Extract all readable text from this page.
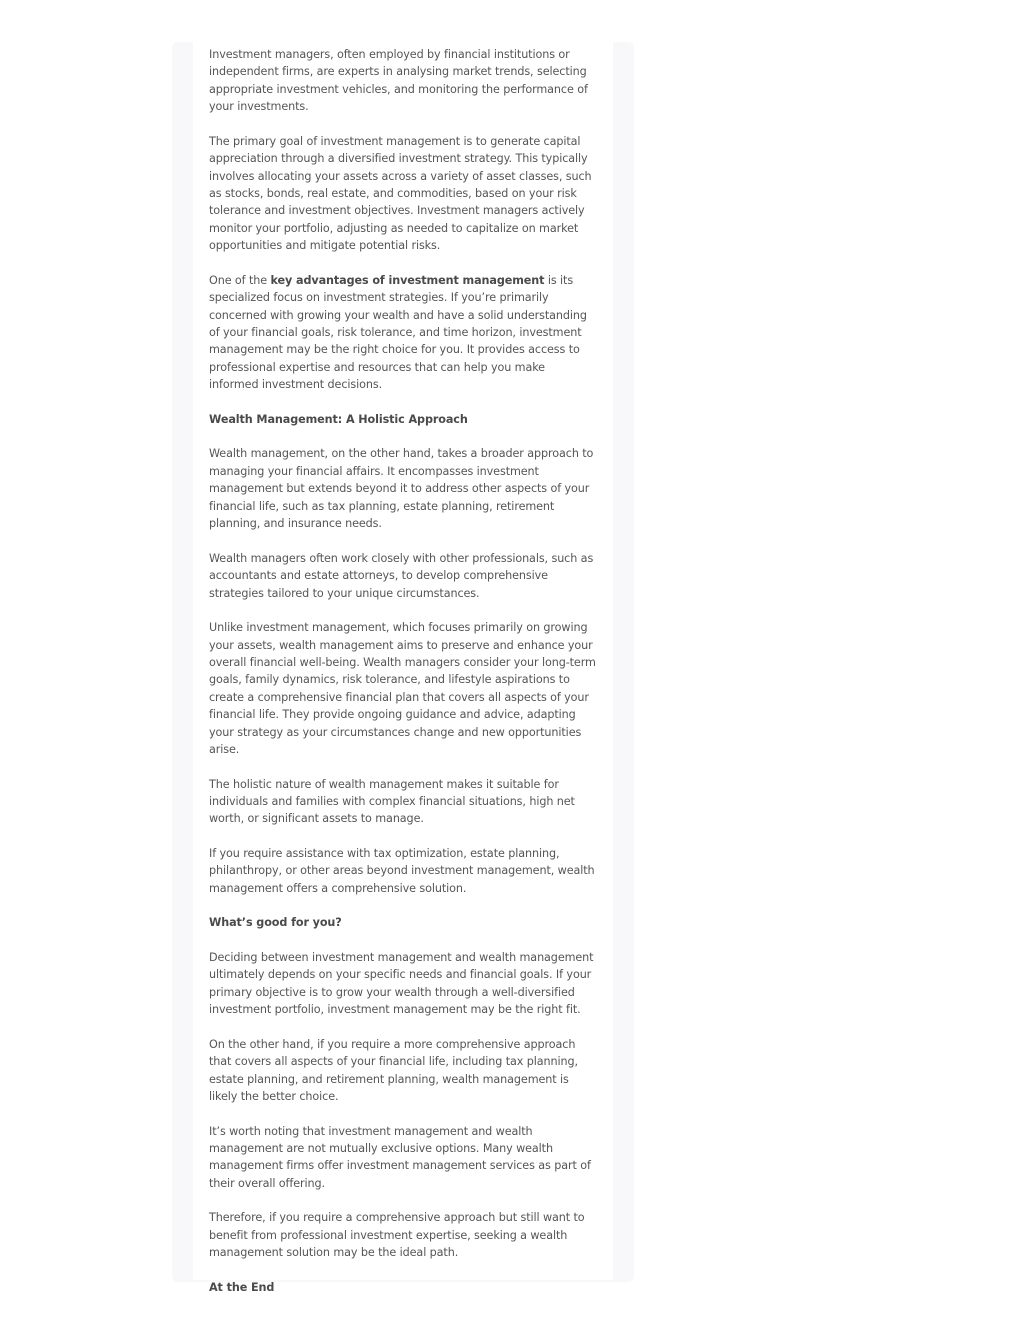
Investment managers, often employed by financial institutions or independent firms, are experts in analysing market trends, selecting appropriate investment vehicles, and monitoring the performance of your investments.

The primary goal of investment management is to generate capital appreciation through a diversified investment strategy. This typically involves allocating your assets across a variety of asset classes, such as stocks, bonds, real estate, and commodities, based on your risk tolerance and investment objectives. Investment managers actively monitor your portfolio, adjusting as needed to capitalize on market opportunities and mitigate potential risks.

One of the key advantages of investment management is its specialized focus on investment strategies. If you’re primarily concerned with growing your wealth and have a solid understanding of your financial goals, risk tolerance, and time horizon, investment management may be the right choice for you. It provides access to professional expertise and resources that can help you make informed investment decisions.

Wealth Management: A Holistic Approach

Wealth management, on the other hand, takes a broader approach to managing your financial affairs. It encompasses investment management but extends beyond it to address other aspects of your financial life, such as tax planning, estate planning, retirement planning, and insurance needs.

Wealth managers often work closely with other professionals, such as accountants and estate attorneys, to develop comprehensive strategies tailored to your unique circumstances.

Unlike investment management, which focuses primarily on growing your assets, wealth management aims to preserve and enhance your overall financial well-being. Wealth managers consider your long-term goals, family dynamics, risk tolerance, and lifestyle aspirations to create a comprehensive financial plan that covers all aspects of your financial life. They provide ongoing guidance and advice, adapting your strategy as your circumstances change and new opportunities arise.

The holistic nature of wealth management makes it suitable for individuals and families with complex financial situations, high net worth, or significant assets to manage.

If you require assistance with tax optimization, estate planning, philanthropy, or other areas beyond investment management, wealth management offers a comprehensive solution.

What’s good for you?

Deciding between investment management and wealth management ultimately depends on your specific needs and financial goals. If your primary objective is to grow your wealth through a well-diversified investment portfolio, investment management may be the right fit.

On the other hand, if you require a more comprehensive approach that covers all aspects of your financial life, including tax planning, estate planning, and retirement planning, wealth management is likely the better choice.

It’s worth noting that investment management and wealth management are not mutually exclusive options. Many wealth management firms offer investment management services as part of their overall offering.

Therefore, if you require a comprehensive approach but still want to benefit from professional investment expertise, seeking a wealth management solution may be the ideal path.

At the End
